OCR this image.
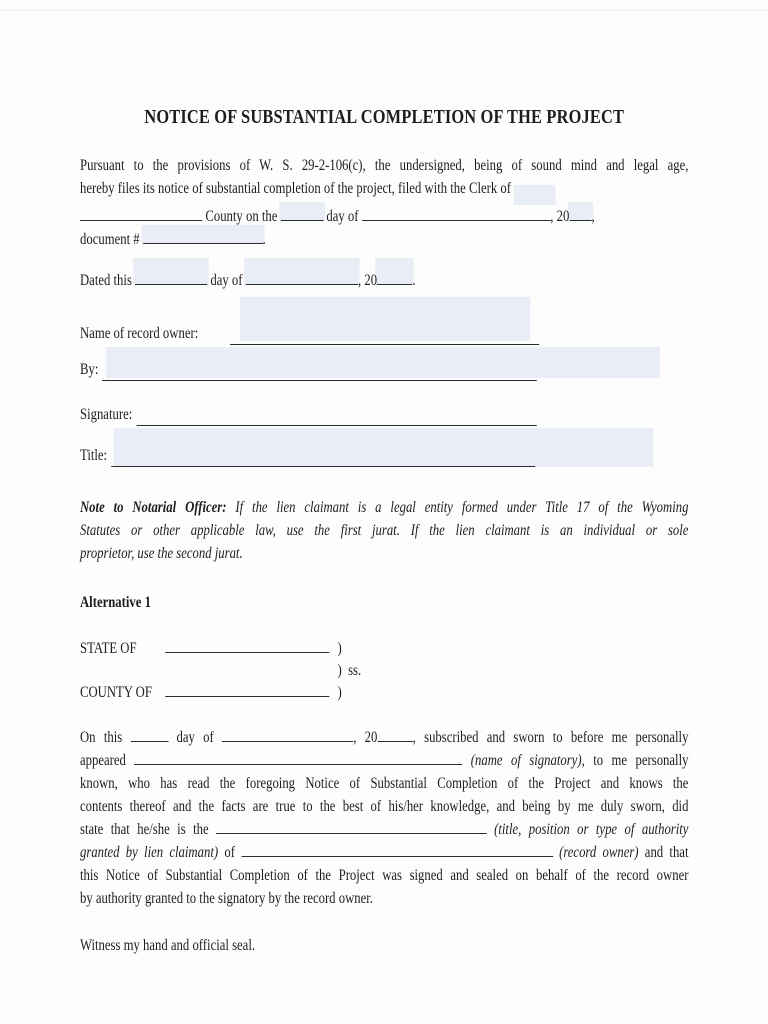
NOTICE OF SUBSTANTIAL COMPLETION OF THE PROJECT
Pursuant to the provisions of W. S. 29-2-106(c), the undersigned, being of sound mind and legal age,
hereby files its notice of substantial completion of the project, filed with the Clerk of
County on the	day of	, 20 ,
document #	.
Dated this	day of	, 20 .
Name of record owner:
By:
Signature:
Title:
Note to Notarial Officer: If the lien claimant is a legal entity formed under Title 17 of the Wyoming
Statutes or other applicable law, use the first jurat. If the lien claimant is an individual or sole
proprietor, use the second jurat.
Alternative 1
STATE OF	)
) ss.
COUNTY OF	)
On this	day of	, 20 , subscribed and sworn to before me personally
appeared	(name of signatory), to me personally
known, who has read the foregoing Notice of Substantial Completion of the Project and knows the
contents thereof and the facts are true to the best of his/her knowledge, and being by me duly sworn, did
state that he/she is the	(title, position or type of authority
granted by lien claimant) of	(record owner) and that
this Notice of Substantial Completion of the Project was signed and sealed on behalf of the record owner
by authority granted to the signatory by the record owner.
Witness my hand and official seal.
